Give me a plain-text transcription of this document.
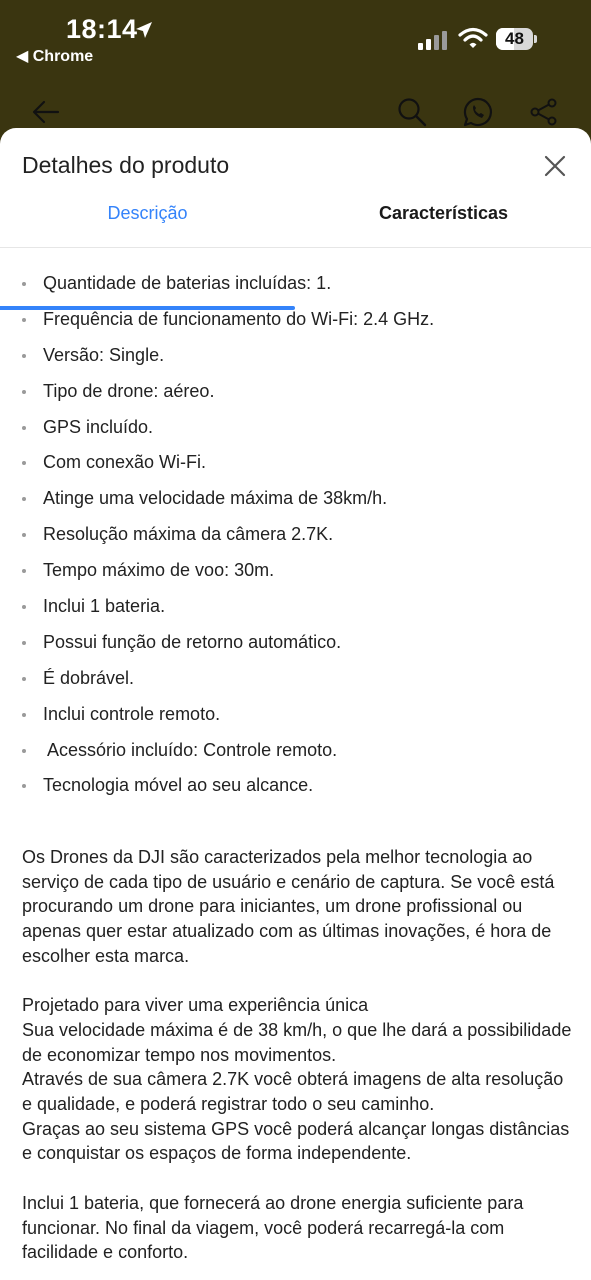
18:14
◀ Chrome
48
Detalhes do produto
Descrição	Características
Quantidade de baterias incluídas: 1.
Frequência de funcionamento do Wi-Fi: 2.4 GHz.
Versão: Single.
Tipo de drone: aéreo.
GPS incluído.
Com conexão Wi-Fi.
Atinge uma velocidade máxima de 38km/h.
Resolução máxima da câmera 2.7K.
Tempo máximo de voo: 30m.
Inclui 1 bateria.
Possui função de retorno automático.
É dobrável.
Inclui controle remoto.
Acessório incluído: Controle remoto.
Tecnologia móvel ao seu alcance.

Os Drones da DJI são caracterizados pela melhor tecnologia ao serviço de cada tipo de usuário e cenário de captura. Se você está procurando um drone para iniciantes, um drone profissional ou apenas quer estar atualizado com as últimas inovações, é hora de escolher esta marca.

Projetado para viver uma experiência única
Sua velocidade máxima é de 38 km/h, o que lhe dará a possibilidade de economizar tempo nos movimentos.
Através de sua câmera 2.7K você obterá imagens de alta resolução e qualidade, e poderá registrar todo o seu caminho.
Graças ao seu sistema GPS você poderá alcançar longas distâncias e conquistar os espaços de forma independente.

Inclui 1 bateria, que fornecerá ao drone energia suficiente para funcionar. No final da viagem, você poderá recarregá-la com facilidade e conforto.
